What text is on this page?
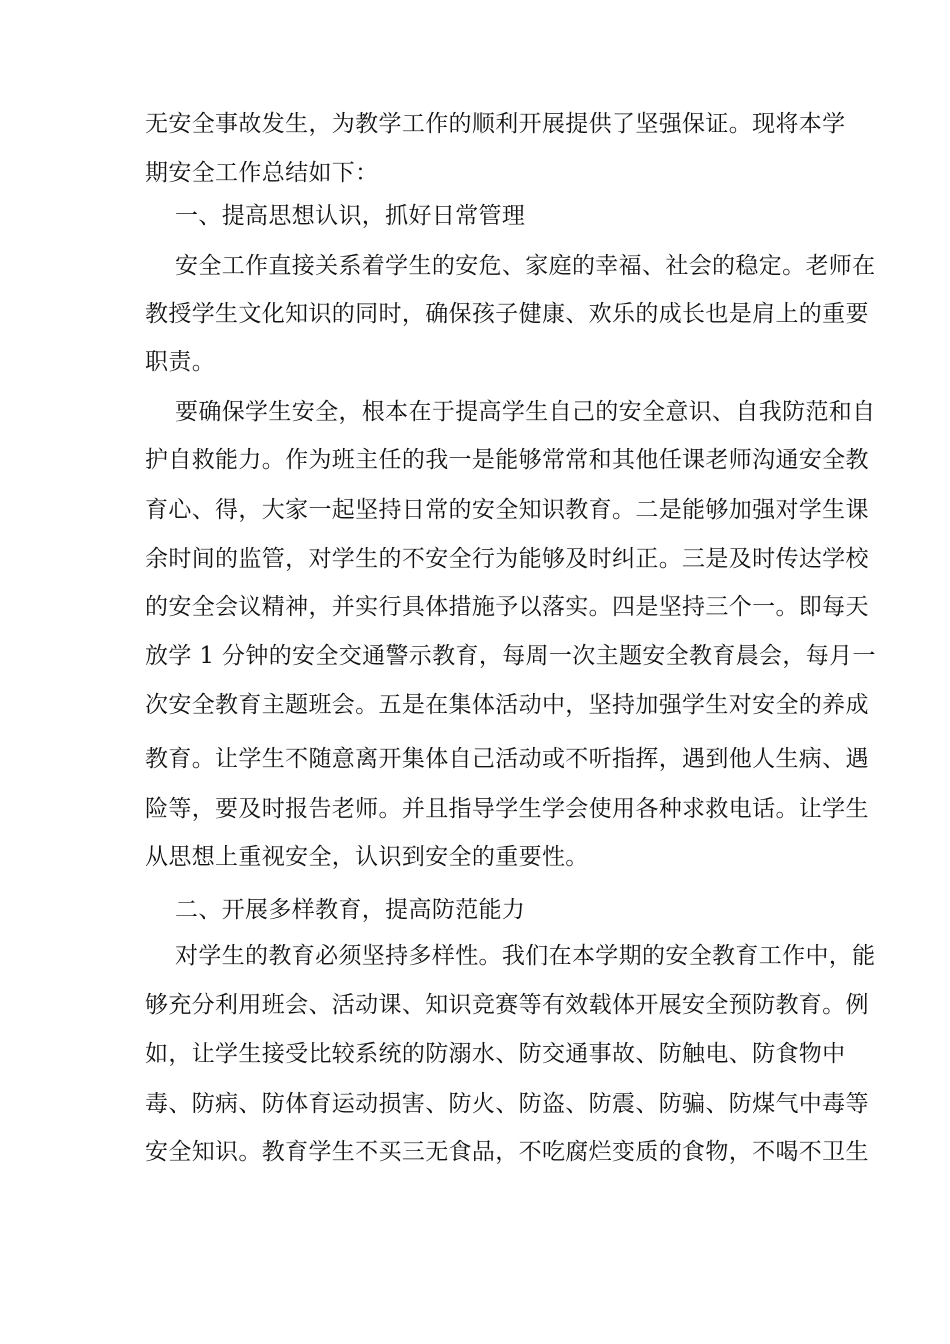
无安全事故发生，为教学工作的顺利开展提供了坚强保证。现将本学
期安全工作总结如下：
一、提高思想认识，抓好日常管理
安全工作直接关系着学生的安危、家庭的幸福、社会的稳定。老师在
教授学生文化知识的同时，确保孩子健康、欢乐的成长也是肩上的重要
职责。
要确保学生安全，根本在于提高学生自己的安全意识、自我防范和自
护自救能力。作为班主任的我一是能够常常和其他任课老师沟通安全教
育心、得，大家一起坚持日常的安全知识教育。二是能够加强对学生课
余时间的监管，对学生的不安全行为能够及时纠正。三是及时传达学校
的安全会议精神，并实行具体措施予以落实。四是坚持三个一。即每天
放学 1 分钟的安全交通警示教育，每周一次主题安全教育晨会，每月一
次安全教育主题班会。五是在集体活动中，坚持加强学生对安全的养成
教育。让学生不随意离开集体自己活动或不听指挥，遇到他人生病、遇
险等，要及时报告老师。并且指导学生学会使用各种求救电话。让学生
从思想上重视安全，认识到安全的重要性。
二、开展多样教育，提高防范能力
对学生的教育必须坚持多样性。我们在本学期的安全教育工作中，能
够充分利用班会、活动课、知识竞赛等有效载体开展安全预防教育。例
如，让学生接受比较系统的防溺水、防交通事故、防触电、防食物中
毒、防病、防体育运动损害、防火、防盗、防震、防骗、防煤气中毒等
安全知识。教育学生不买三无食品，不吃腐烂变质的食物，不喝不卫生
